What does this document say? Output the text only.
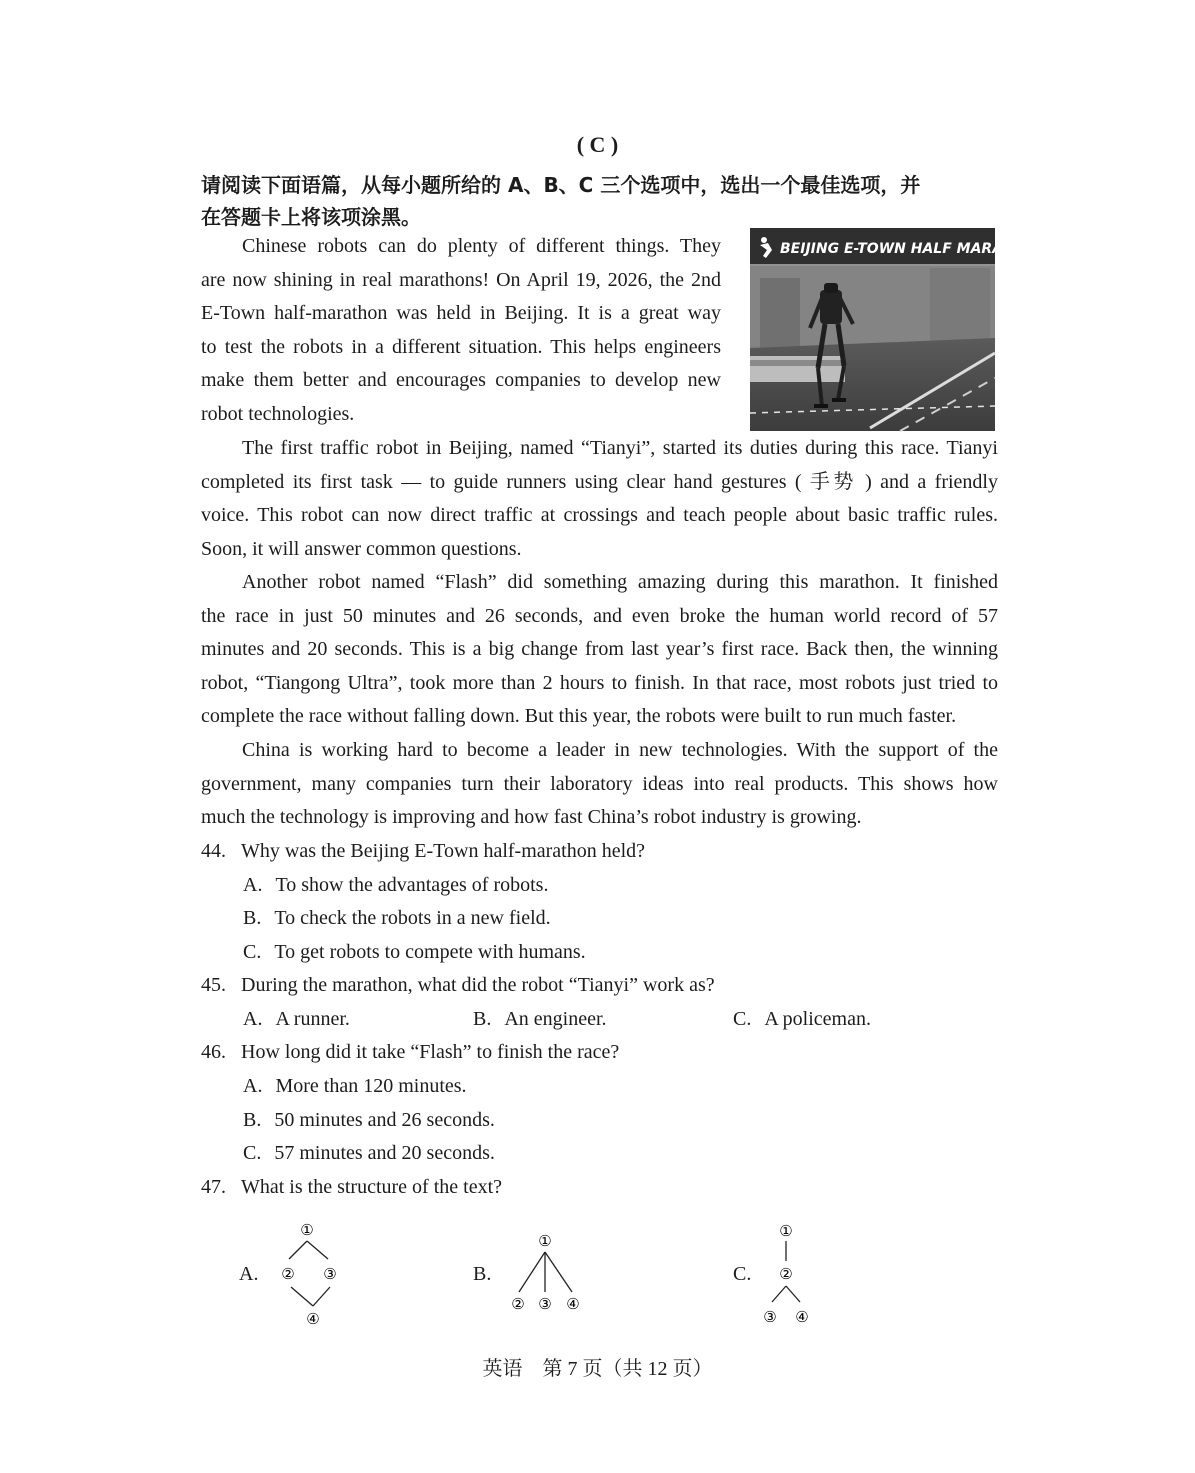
( C )
请阅读下面语篇，从每小题所给的 A、B、C 三个选项中，选出一个最佳选项，并
在答题卡上将该项涂黑。
BEIJING E-TOWN HALF MARATHON
Chinese robots can do plenty of different things. They
are now shining in real marathons! On April 19, 2026, the 2nd
E-Town half-marathon was held in Beijing. It is a great way
to test the robots in a different situation. This helps engineers
make them better and encourages companies to develop new
robot technologies.
The first traffic robot in Beijing, named “Tianyi”, started its duties during this race. Tianyi
completed its first task — to guide runners using clear hand gestures ( 手势 ) and a friendly
voice. This robot can now direct traffic at crossings and teach people about basic traffic rules.
Soon, it will answer common questions.
Another robot named “Flash” did something amazing during this marathon. It finished
the race in just 50 minutes and 26 seconds, and even broke the human world record of 57
minutes and 20 seconds. This is a big change from last year’s first race. Back then, the winning
robot, “Tiangong Ultra”, took more than 2 hours to finish. In that race, most robots just tried to
complete the race without falling down. But this year, the robots were built to run much faster.
China is working hard to become a leader in new technologies. With the support of the
government, many companies turn their laboratory ideas into real products. This shows how
much the technology is improving and how fast China’s robot industry is growing.
44. Why was the Beijing E-Town half-marathon held?
A. To show the advantages of robots.
B. To check the robots in a new field.
C. To get robots to compete with humans.
45. During the marathon, what did the robot “Tianyi” work as?
A. A runner.	B. An engineer.	C. A policeman.
46. How long did it take “Flash” to finish the race?
A. More than 120 minutes.
B. 50 minutes and 26 seconds.
C. 57 minutes and 20 seconds.
47. What is the structure of the text?
A.
①
② ③
④
B.
①
② ③ ④
C.
①
②
③ ④
英语　第 7 页（共 12 页）
